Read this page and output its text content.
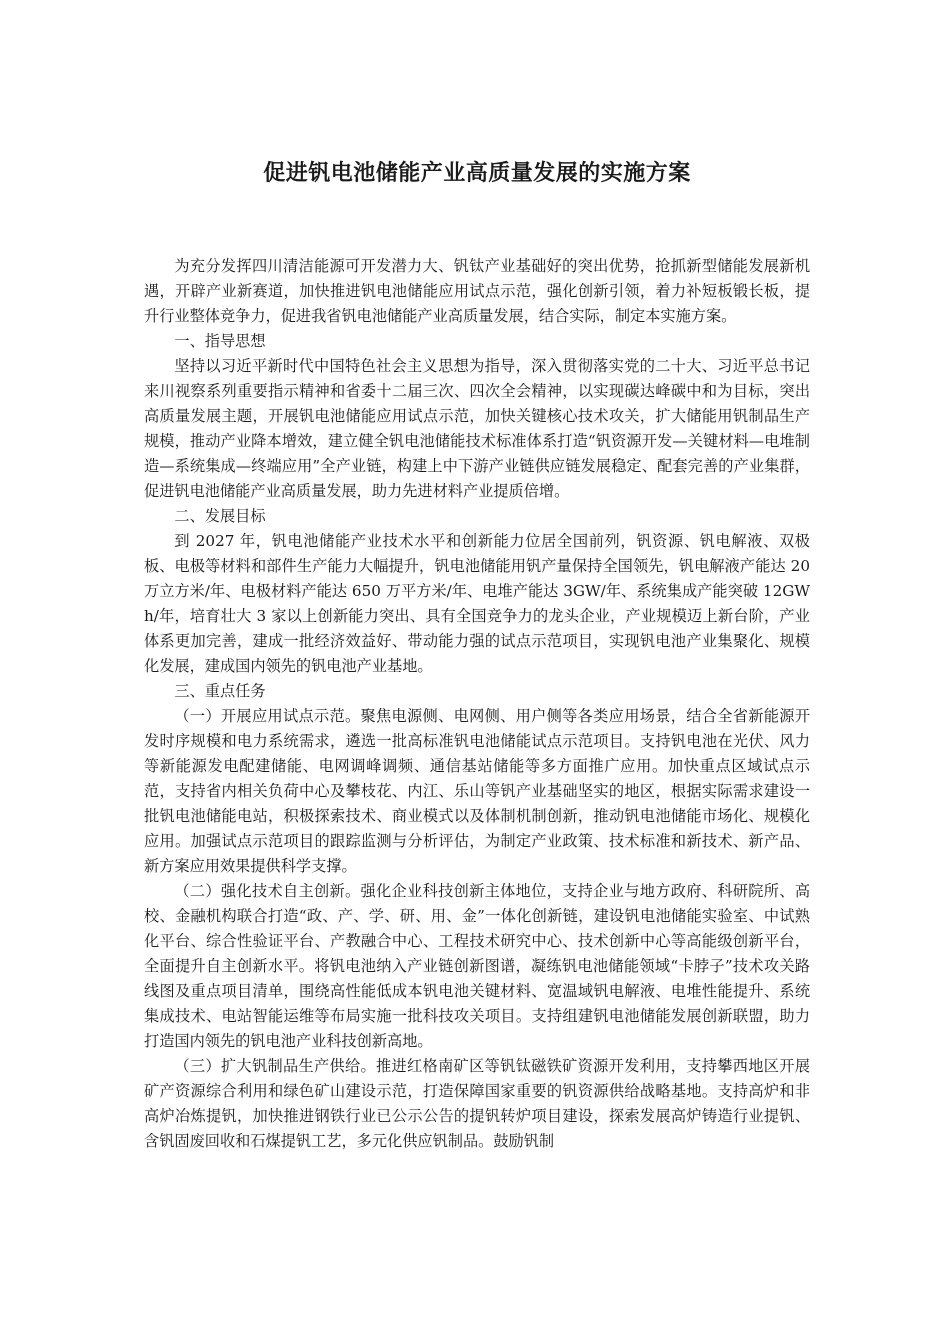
促进钒电池储能产业高质量发展的实施方案

为充分发挥四川清洁能源可开发潜力大、钒钛产业基础好的突出优势，抢抓新型储能发展新机遇，开辟产业新赛道，加快推进钒电池储能应用试点示范，强化创新引领，着力补短板锻长板，提升行业整体竞争力，促进我省钒电池储能产业高质量发展，结合实际，制定本实施方案。

一、指导思想

坚持以习近平新时代中国特色社会主义思想为指导，深入贯彻落实党的二十大、习近平总书记来川视察系列重要指示精神和省委十二届三次、四次全会精神，以实现碳达峰碳中和为目标，突出高质量发展主题，开展钒电池储能应用试点示范，加快关键核心技术攻关，扩大储能用钒制品生产规模，推动产业降本增效，建立健全钒电池储能技术标准体系打造“钒资源开发—关键材料—电堆制造—系统集成—终端应用”全产业链，构建上中下游产业链供应链发展稳定、配套完善的产业集群，促进钒电池储能产业高质量发展，助力先进材料产业提质倍增。

二、发展目标

到 2027 年，钒电池储能产业技术水平和创新能力位居全国前列，钒资源、钒电解液、双极板、电极等材料和部件生产能力大幅提升，钒电池储能用钒产量保持全国领先，钒电解液产能达 20 万立方米/年、电极材料产能达 650 万平方米/年、电堆产能达 3GW/年、系统集成产能突破 12GWh/年，培育壮大 3 家以上创新能力突出、具有全国竞争力的龙头企业，产业规模迈上新台阶，产业体系更加完善，建成一批经济效益好、带动能力强的试点示范项目，实现钒电池产业集聚化、规模化发展，建成国内领先的钒电池产业基地。

三、重点任务

（一）开展应用试点示范。聚焦电源侧、电网侧、用户侧等各类应用场景，结合全省新能源开发时序规模和电力系统需求，遴选一批高标准钒电池储能试点示范项目。支持钒电池在光伏、风力等新能源发电配建储能、电网调峰调频、通信基站储能等多方面推广应用。加快重点区域试点示范，支持省内相关负荷中心及攀枝花、内江、乐山等钒产业基础坚实的地区，根据实际需求建设一批钒电池储能电站，积极探索技术、商业模式以及体制机制创新，推动钒电池储能市场化、规模化应用。加强试点示范项目的跟踪监测与分析评估，为制定产业政策、技术标准和新技术、新产品、新方案应用效果提供科学支撑。

（二）强化技术自主创新。强化企业科技创新主体地位，支持企业与地方政府、科研院所、高校、金融机构联合打造“政、产、学、研、用、金”一体化创新链，建设钒电池储能实验室、中试熟化平台、综合性验证平台、产教融合中心、工程技术研究中心、技术创新中心等高能级创新平台，全面提升自主创新水平。将钒电池纳入产业链创新图谱，凝练钒电池储能领域“卡脖子”技术攻关路线图及重点项目清单，围绕高性能低成本钒电池关键材料、宽温域钒电解液、电堆性能提升、系统集成技术、电站智能运维等布局实施一批科技攻关项目。支持组建钒电池储能发展创新联盟，助力打造国内领先的钒电池产业科技创新高地。

（三）扩大钒制品生产供给。推进红格南矿区等钒钛磁铁矿资源开发利用，支持攀西地区开展矿产资源综合利用和绿色矿山建设示范，打造保障国家重要的钒资源供给战略基地。支持高炉和非高炉冶炼提钒，加快推进钢铁行业已公示公告的提钒转炉项目建设，探索发展高炉铸造行业提钒、含钒固废回收和石煤提钒工艺，多元化供应钒制品。鼓励钒制
